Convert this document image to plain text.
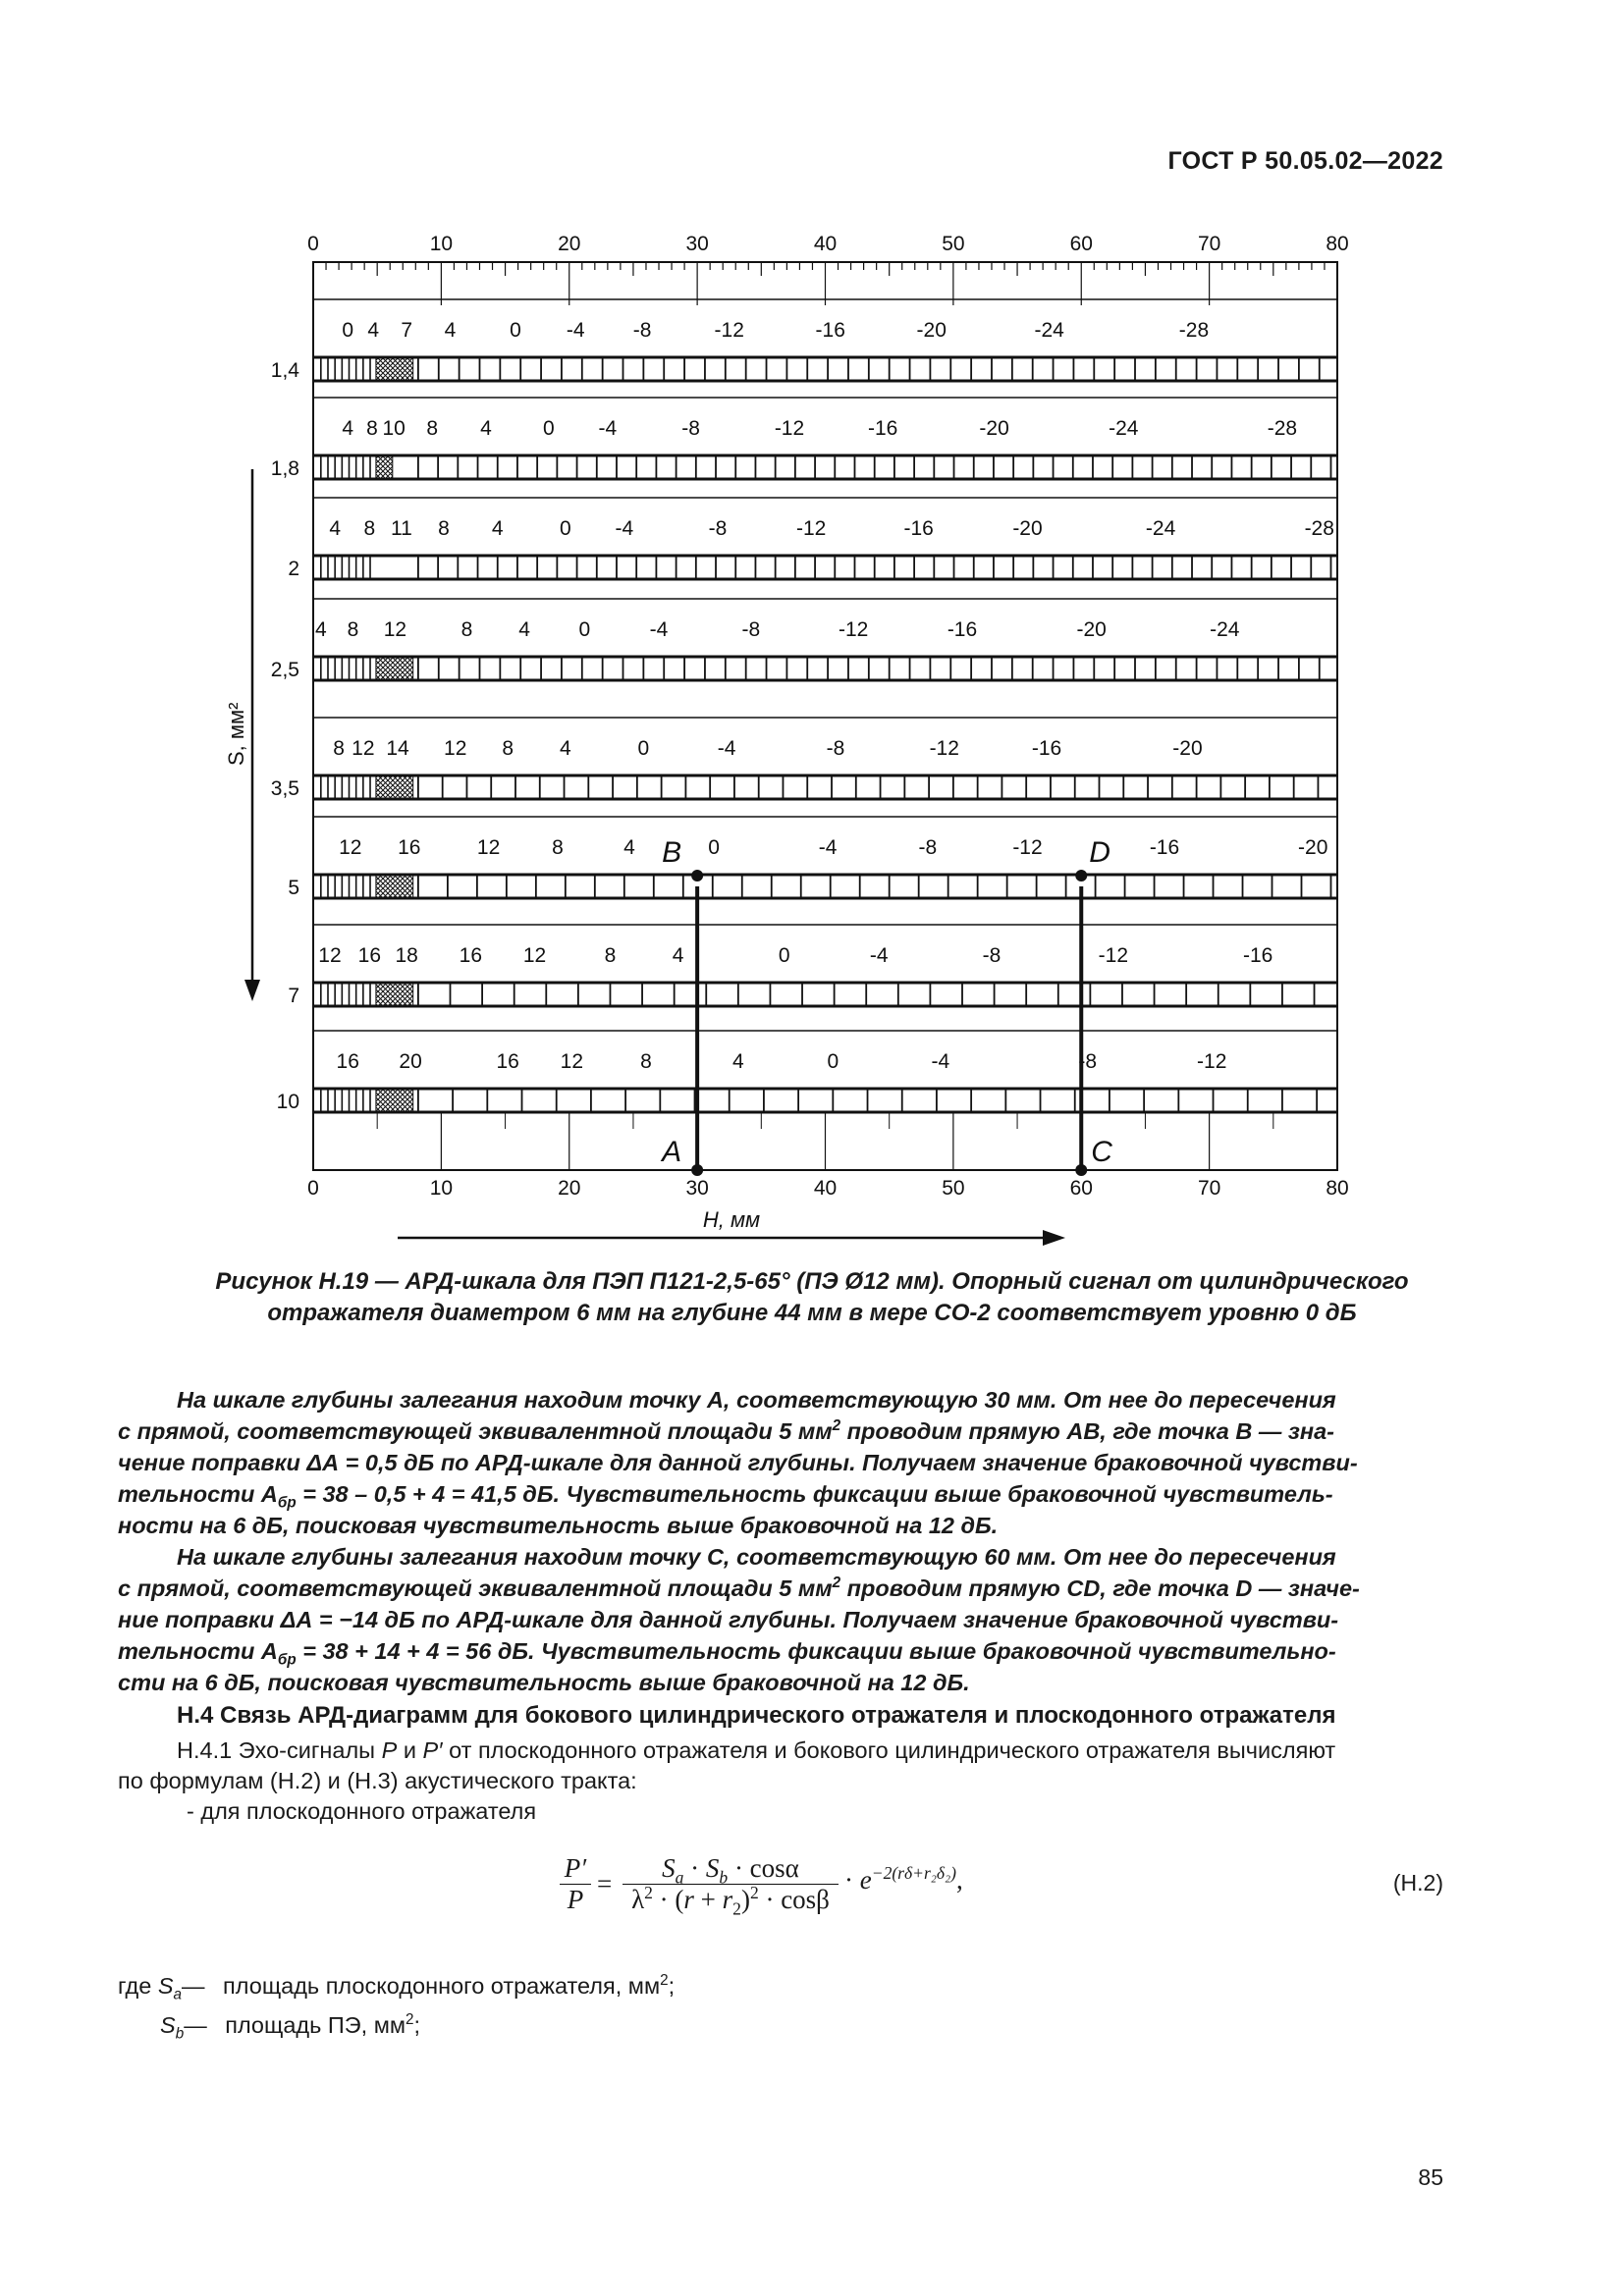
ГОСТ Р 50.05.02—2022
0
0
10
10
20
20
30
30
40
40
50
50
60
60
70
70
80
80
1,4
0 4 7 4	0 -4 -8	-12	-16	-20	-24	-28
1,8
4 8 10 8 4 0 -4	-8	-12	-16	-20	-24	-28
2
4 8 11 8 4	0 -4	-8	-12	-16	-20	-24	-28
2,5
4 8 12	8 4 0	-4	-8	-12	-16	-20	-24
3,5
8 12 14 12 8 4	0	-4	-8	-12	-16	-20
5
12 16	12	8	4	0	-4	-8	-12	-16	-20
7
12 16 18 16 12	8	4	0	-4	-8	-12	-16
10
16 20	16 12	8	4	0	-4	-8	-12
B	D
A	C
S, мм²
H, мм
Рисунок Н.19 — АРД-шкала для ПЭП П121-2,5-65° (ПЭ Ø12 мм). Опорный сигнал от цилиндрического
отражателя диаметром 6 мм на глубине 44 мм в мере СО-2 соответствует уровню 0 дБ
На шкале глубины залегания находим точку А, соответствующую 30 мм. От нее до пересечения
с прямой, соответствующей эквивалентной площади 5 $мм^2$ проводим прямую АВ, где точка В — зна-
чение поправки ΔА = 0,5 дБ по АРД-шкале для данной глубины. Получаем значение браковочной чувстви-
тельности $А_{бр} = 38 - 0,5 + 4 = 41,5$ дБ. Чувствительность фиксации выше браковочной чувствитель-
ности на 6 дБ, поисковая чувствительность выше браковочной на 12 дБ.
На шкале глубины залегания находим точку С, соответствующую 60 мм. От нее до пересечения
с прямой, соответствующей эквивалентной площади 5 $мм^2$ проводим прямую CD, где точка D — значе-
ние поправки ΔА = −14 дБ по АРД-шкале для данной глубины. Получаем значение браковочной чувстви-
тельности $А_{бр} = 38 + 14 + 4 = 56$ дБ. Чувствительность фиксации выше браковочной чувствительно-
сти на 6 дБ, поисковая чувствительность выше браковочной на 12 дБ.
Н.4 Связь АРД-диаграмм для бокового цилиндрического отражателя и плоскодонного отражателя
Н.4.1 Эхо-сигналы P и P′ от плоскодонного отражателя и бокового цилиндрического отражателя вычисляют
по формулам (Н.2) и (Н.3) акустического тракта:
- для плоскодонного отражателя
$\frac{P'}{P} = \frac{S_a \cdot S_b \cdot \cos\alpha}{\lambda^2 \cdot (r + r_2)^2 \cdot \cos\beta} \cdot e^{-2(r\delta+r_2\delta_2)}$,	(Н.2)
где $S_a—$ площадь плоскодонного отражателя, $мм^2$;
$S_b—$ площадь ПЭ, $мм^2$;
85
